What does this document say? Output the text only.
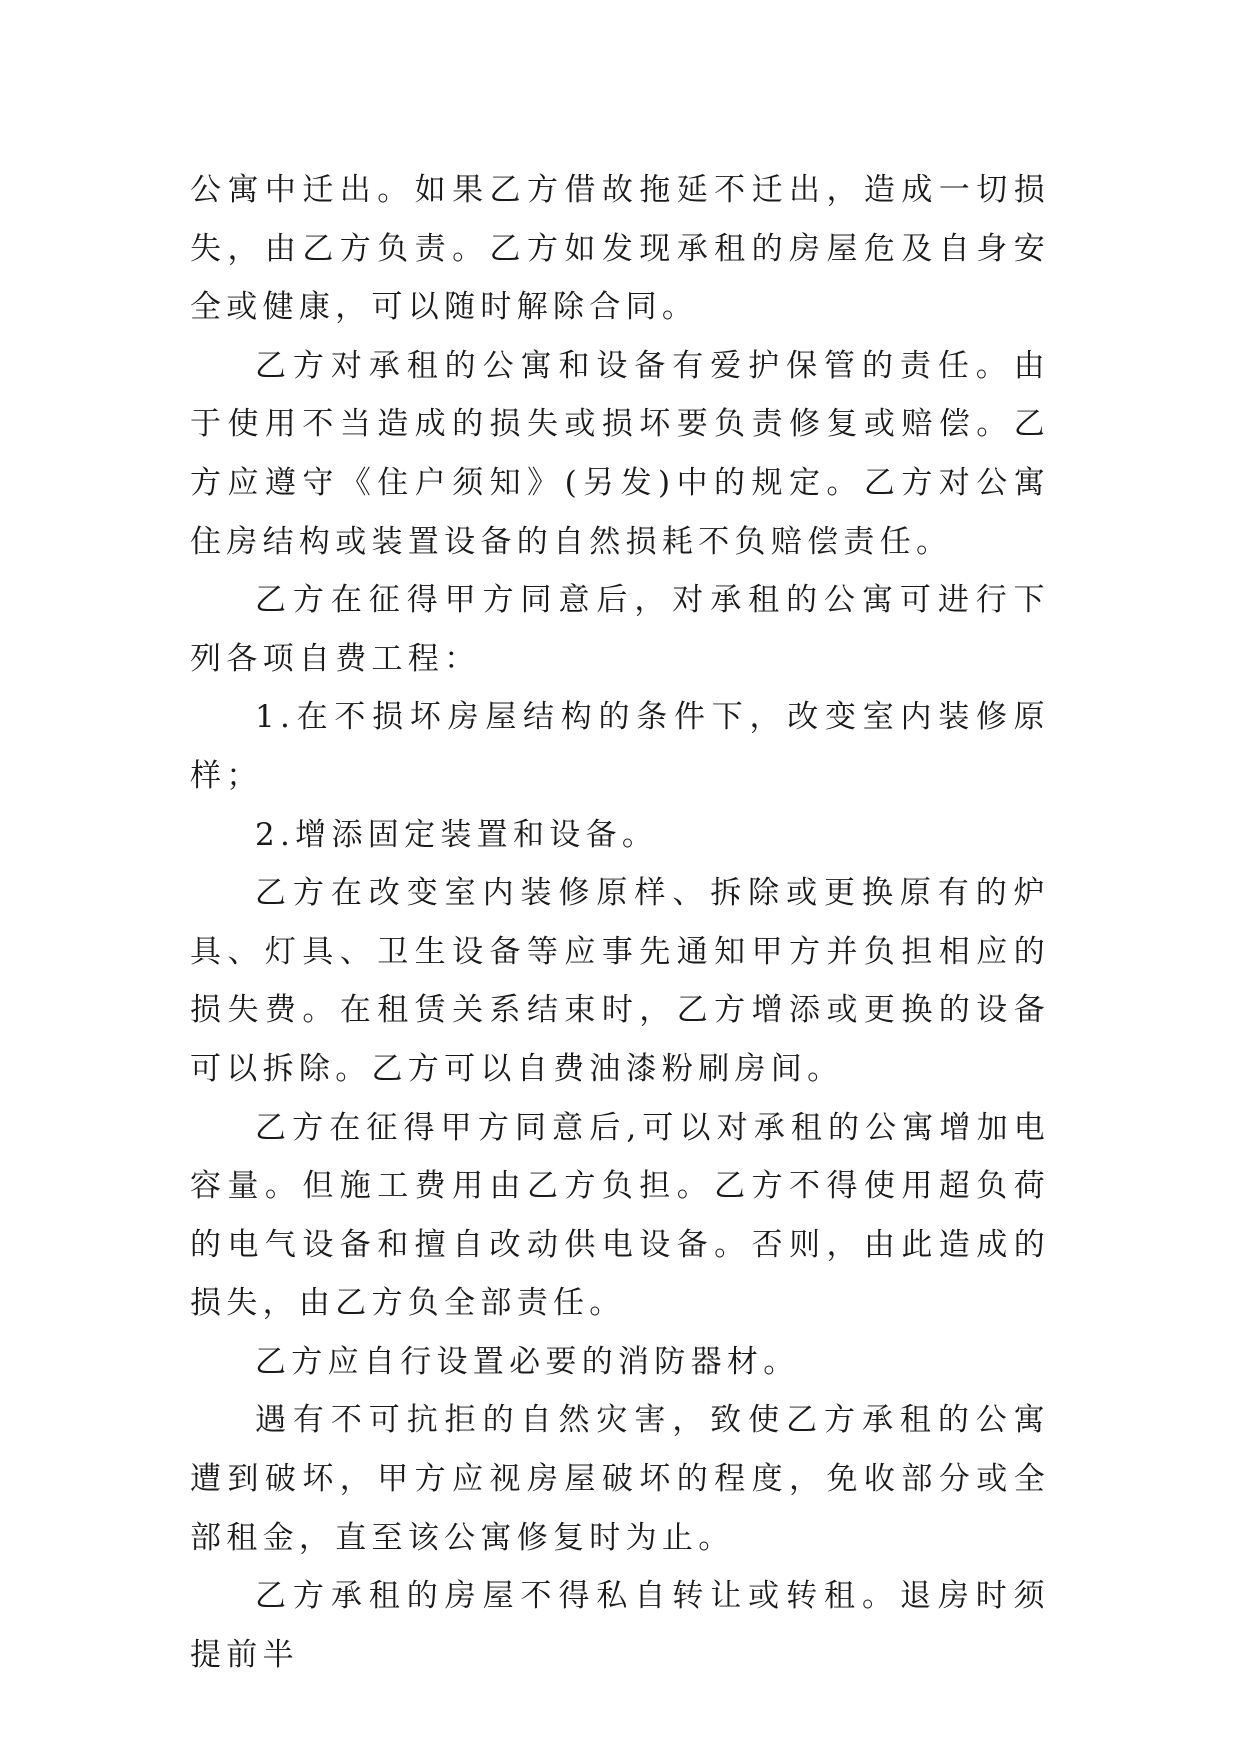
公寓中迁出。如果乙方借故拖延不迁出，造成一切损失，由乙方负责。乙方如发现承租的房屋危及自身安全或健康，可以随时解除合同。

乙方对承租的公寓和设备有爱护保管的责任。由于使用不当造成的损失或损坏要负责修复或赔偿。乙方应遵守《住户须知》(另发)中的规定。乙方对公寓住房结构或装置设备的自然损耗不负赔偿责任。

乙方在征得甲方同意后，对承租的公寓可进行下列各项自费工程：

1.在不损坏房屋结构的条件下，改变室内装修原样；

2.增添固定装置和设备。

乙方在改变室内装修原样、拆除或更换原有的炉具、灯具、卫生设备等应事先通知甲方并负担相应的损失费。在租赁关系结束时，乙方增添或更换的设备可以拆除。乙方可以自费油漆粉刷房间。

乙方在征得甲方同意后,可以对承租的公寓增加电容量。但施工费用由乙方负担。乙方不得使用超负荷的电气设备和擅自改动供电设备。否则，由此造成的损失，由乙方负全部责任。

乙方应自行设置必要的消防器材。

遇有不可抗拒的自然灾害，致使乙方承租的公寓遭到破坏，甲方应视房屋破坏的程度，免收部分或全部租金，直至该公寓修复时为止。

乙方承租的房屋不得私自转让或转租。退房时须提前半
